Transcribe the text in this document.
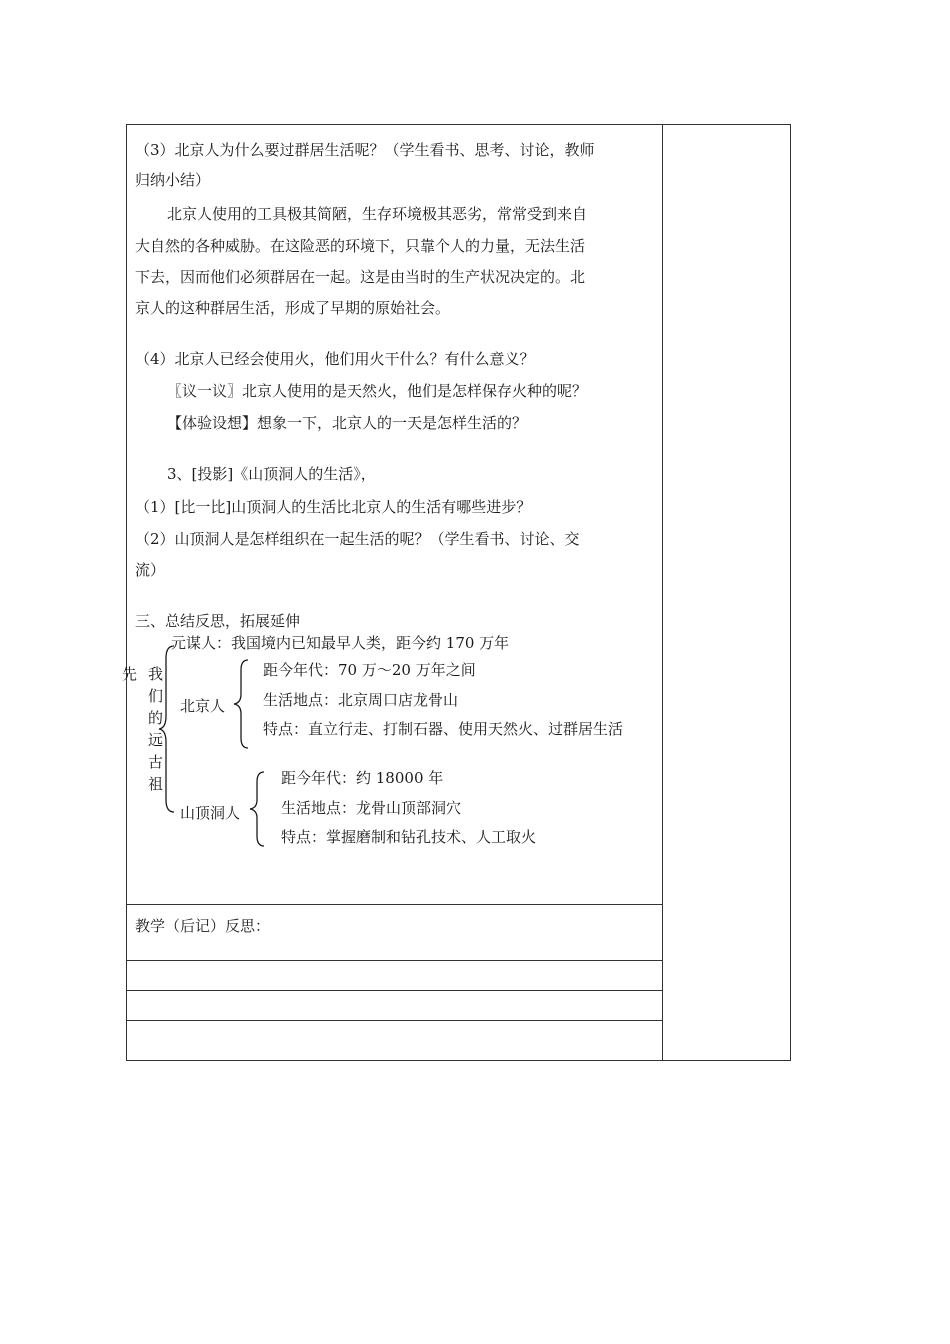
（3）北京人为什么要过群居生活呢？（学生看书、思考、讨论，教师
归纳小结）
北京人使用的工具极其简陋，生存环境极其恶劣，常常受到来自
大自然的各种威胁。在这险恶的环境下，只靠个人的力量，无法生活
下去，因而他们必须群居在一起。这是由当时的生产状况决定的。北
京人的这种群居生活，形成了早期的原始社会。
（4）北京人已经会使用火，他们用火干什么？有什么意义？
〖议一议〗北京人使用的是天然火，他们是怎样保存火种的呢？
【体验设想】想象一下，北京人的一天是怎样生活的？
3、[投影]《山顶洞人的生活》，
（1）[比一比]山顶洞人的生活比北京人的生活有哪些进步？
（2）山顶洞人是怎样组织在一起生活的呢？（学生看书、讨论、交
流）
三、总结反思，拓展延伸
先 我
们
的
远
古
祖
元谋人：我国境内已知最早人类，距今约 170 万年
北京人
距今年代：70 万～20 万年之间
生活地点：北京周口店龙骨山
特点：直立行走、打制石器、使用天然火、过群居生活
山顶洞人
距今年代：约 18000 年
生活地点：龙骨山顶部洞穴
特点：掌握磨制和钻孔技术、人工取火
教学（后记）反思：
